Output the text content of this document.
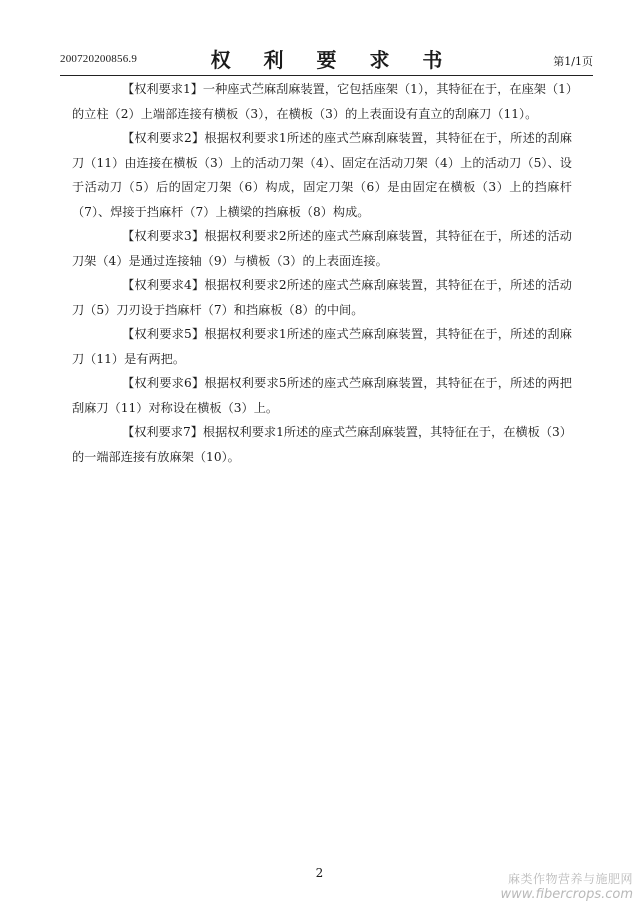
200720200856.9	权 利 要 求 书	第1/1页

【权利要求1】一种座式苎麻刮麻装置，它包括座架（1），其特征在于，在座架（1）的立柱（2）上端部连接有横板（3），在横板（3）的上表面设有直立的刮麻刀（11）。

【权利要求2】根据权利要求1所述的座式苎麻刮麻装置，其特征在于，所述的刮麻刀（11）由连接在横板（3）上的活动刀架（4）、固定在活动刀架（4）上的活动刀（5）、设于活动刀（5）后的固定刀架（6）构成，固定刀架（6）是由固定在横板（3）上的挡麻杆（7）、焊接于挡麻杆（7）上横梁的挡麻板（8）构成。

【权利要求3】根据权利要求2所述的座式苎麻刮麻装置，其特征在于，所述的活动刀架（4）是通过连接轴（9）与横板（3）的上表面连接。

【权利要求4】根据权利要求2所述的座式苎麻刮麻装置，其特征在于，所述的活动刀（5）刀刃设于挡麻杆（7）和挡麻板（8）的中间。

【权利要求5】根据权利要求1所述的座式苎麻刮麻装置，其特征在于，所述的刮麻刀（11）是有两把。

【权利要求6】根据权利要求5所述的座式苎麻刮麻装置，其特征在于，所述的两把刮麻刀（11）对称设在横板（3）上。

【权利要求7】根据权利要求1所述的座式苎麻刮麻装置，其特征在于，在横板（3）的一端部连接有放麻架（10）。

2	麻类作物营养与施肥网
www.fibercrops.com
